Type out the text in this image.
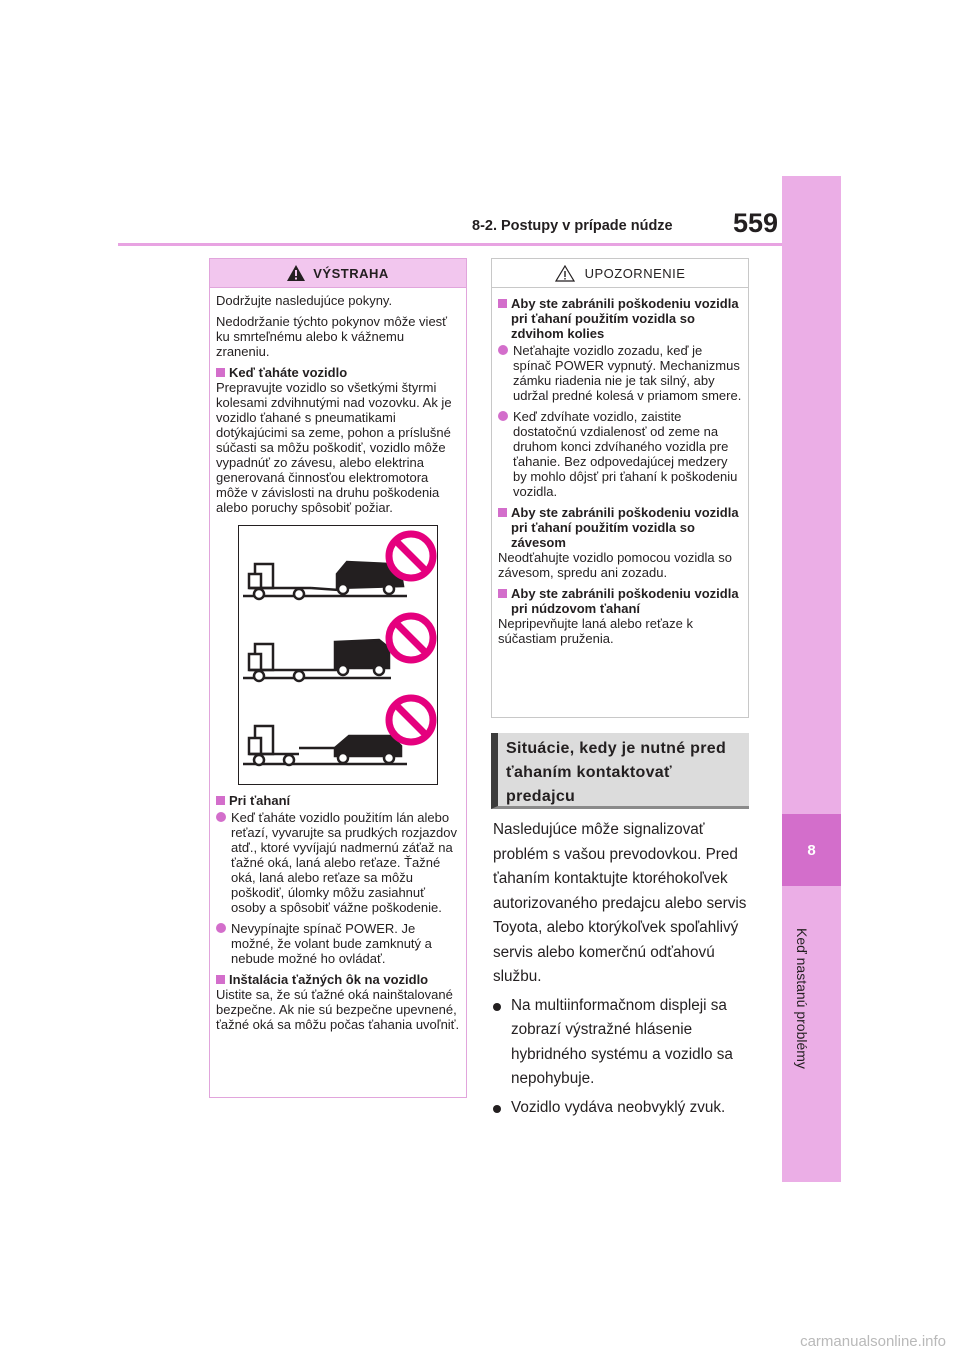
8-2. Postupy v prípade núdze 559
8
Keď nastanú problémy
VÝSTRAHA

Dodržujte nasledujúce pokyny.

Nedodržanie týchto pokynov môže viesť ku smrteľnému alebo k vážnemu zraneniu.

Keď ťaháte vozidlo

Prepravujte vozidlo so všetkými štyrmi kolesami zdvihnutými nad vozovku. Ak je vozidlo ťahané s pneumatikami dotýkajúcimi sa zeme, pohon a príslušné súčasti sa môžu poškodiť, vozidlo môže vypadnúť zo závesu, alebo elektrina generovaná činnosťou elektromotora môže v závislosti na druhu poškodenia alebo poruchy spôsobiť požiar.

Pri ťahaní
Keď ťaháte vozidlo použitím lán alebo reťazí, vyvarujte sa prudkých rozjazdov atď., ktoré vyvíjajú nadmernú záťaž na ťažné oká, laná alebo reťaze. Ťažné oká, laná alebo reťaze sa môžu poškodiť, úlomky môžu zasiahnuť osoby a spôsobiť vážne poškodenie.
Nevypínajte spínač POWER. Je možné, že volant bude zamknutý a nebude možné ho ovládať.
Inštalácia ťažných ôk na vozidlo

Uistite sa, že sú ťažné oká nainštalované bezpečne. Ak nie sú bezpečne upevnené, ťažné oká sa môžu počas ťahania uvoľniť.

UPOZORNENIE
Aby ste zabránili poškodeniu vozidla pri ťahaní použitím vozidla so zdvihom kolies
Neťahajte vozidlo zozadu, keď je spínač POWER vypnutý. Mechanizmus zámku riadenia nie je tak silný, aby udržal predné kolesá v priamom smere.
Keď zdvíhate vozidlo, zaistite dostatočnú vzdialenosť od zeme na druhom konci zdvíhaného vozidla pre ťahanie. Bez odpovedajúcej medzery by mohlo dôjsť pri ťahaní k poškodeniu vozidla.
Aby ste zabránili poškodeniu vozidla pri ťahaní použitím vozidla so závesom

Neodťahujte vozidlo pomocou vozidla so závesom, spredu ani zozadu.

Aby ste zabránili poškodeniu vozidla pri núdzovom ťahaní

Nepripevňujte laná alebo reťaze k súčastiam pruženia.

Situácie, kedy je nutné pred ťahaním kontaktovať predajcu

Nasledujúce môže signalizovať problém s vašou prevodovkou. Pred ťahaním kontaktujte ktoréhokoľvek autorizovaného predajcu alebo servis Toyota, alebo ktorýkoľvek spoľahlivý servis alebo komerčnú odťahovú službu.

Na multiinformačnom displeji sa zobrazí výstražné hlásenie hybridného systému a vozidlo sa nepohybuje.
Vozidlo vydáva neobvyklý zvuk.
carmanualsonline.info
